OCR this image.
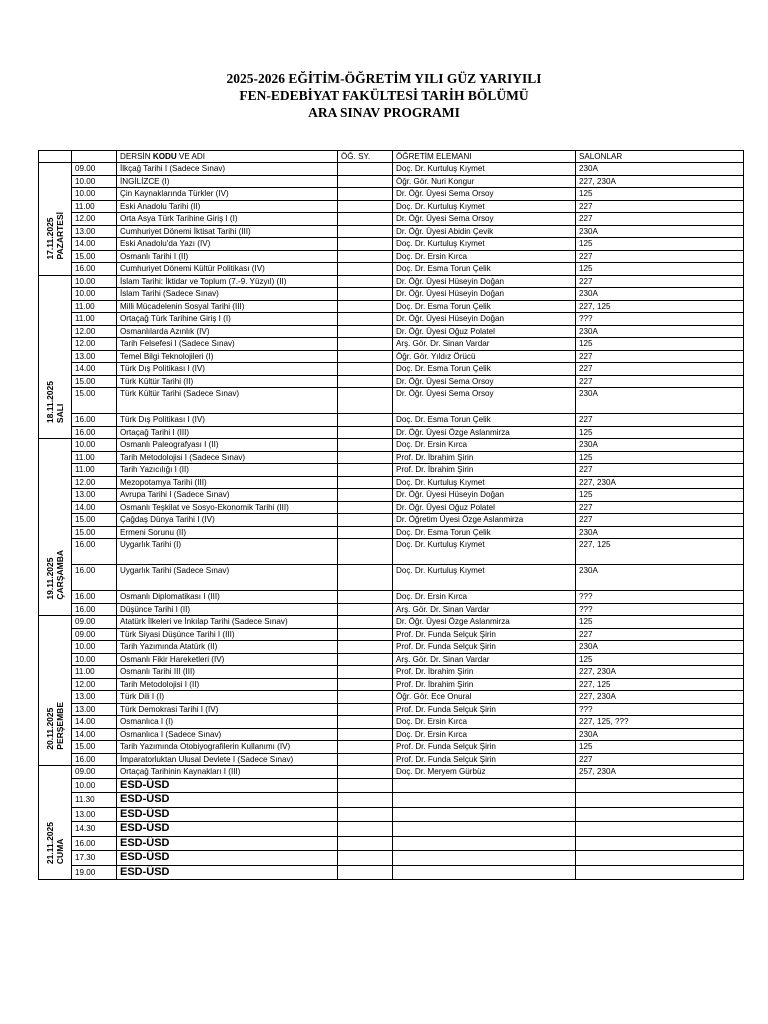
2025-2026 EĞİTİM-ÖĞRETİM YILI GÜZ YARIYILI
FEN-EDEBİYAT FAKÜLTESİ TARİH BÖLÜMÜ
ARA SINAV PROGRAMI
		DERSİN KODU VE ADI	ÖĞ. SY.	ÖĞRETİM ELEMANI	SALONLAR

17.11.2025 PAZARTESİ	09.00	İlkçağ Tarihi I (Sadece Sınav)		Doç. Dr. Kurtuluş Kıymet	230A
	10.00	İNGİLİZCE (I)		Öğr. Gör. Nuri Kongur	227, 230A
	10.00	Çin Kaynaklarında Türkler (IV)		Dr. Öğr. Üyesi Sema Orsoy	125
	11.00	Eski Anadolu Tarihi (II)		Doç. Dr. Kurtuluş Kıymet	227
	12.00	Orta Asya Türk Tarihine Giriş I (I)		Dr. Öğr. Üyesi Sema Orsoy	227
	13.00	Cumhuriyet Dönemi İktisat Tarihi (III)		Dr. Öğr. Üyesi Abidin Çevik	230A
	14.00	Eski Anadolu'da Yazı (IV)		Doç. Dr. Kurtuluş Kıymet	125
	15.00	Osmanlı Tarihi I (II)		Doç. Dr. Ersin Kırca	227
	16.00	Cumhuriyet Dönemi Kültür Politikası (IV)		Doç. Dr. Esma Torun Çelik	125

18.11.2025 SALI	10.00	İslam Tarihi: İktidar ve Toplum (7.-9. Yüzyıl) (II)		Dr. Öğr. Üyesi Hüseyin Doğan	227
	10.00	İslam Tarihi (Sadece Sınav)		Dr. Öğr. Üyesi Hüseyin Doğan	230A
	11.00	Milli Mücadelenin Sosyal Tarihi (III)		Doç. Dr. Esma Torun Çelik	227, 125
	11.00	Ortaçağ Türk Tarihine Giriş I (I)		Dr. Öğr. Üyesi Hüseyin Doğan	???
	12.00	Osmanlılarda Azınlık (IV)		Dr. Öğr. Üyesi Oğuz Polatel	230A
	12.00	Tarih Felsefesi I (Sadece Sınav)		Arş. Gör. Dr. Sinan Vardar	125
	13.00	Temel Bilgi Teknolojileri (I)		Öğr. Gör. Yıldız Örücü	227
	14.00	Türk Dış Politikası I (IV)		Doç. Dr. Esma Torun Çelik	227
	15.00	Türk Kültür Tarihi (II)		Dr. Öğr. Üyesi Sema Orsoy	227
	15.00	Türk Kültür Tarihi (Sadece Sınav)		Dr. Öğr. Üyesi Sema Orsoy	230A
	16.00	Türk Dış Politikası I (IV)		Doç. Dr. Esma Torun Çelik	227
	16.00	Ortaçağ Tarihi I (III)		Dr. Öğr. Üyesi Özge Aslanmirza	125

19.11.2025 ÇARŞAMBA	10.00	Osmanlı Paleografyası I (II)		Doç. Dr. Ersin Kırca	230A
	11.00	Tarih Metodolojisi I (Sadece Sınav)		Prof. Dr. İbrahim Şirin	125
	11.00	Tarih Yazıcılığı I (II)		Prof. Dr. İbrahim Şirin	227
	12.00	Mezopotamya Tarihi (III)		Doç. Dr. Kurtuluş Kıymet	227, 230A
	13.00	Avrupa Tarihi I (Sadece Sınav)		Dr. Öğr. Üyesi Hüseyin Doğan	125
	14.00	Osmanlı Teşkilat ve Sosyo-Ekonomik Tarihi (III)		Dr. Öğr. Üyesi Oğuz Polatel	227
	15.00	Çağdaş Dünya Tarihi I (IV)		Dr. Öğretim Üyesi Özge Aslanmirza	227
	15.00	Ermeni Sorunu (II)		Doç. Dr. Esma Torun Çelik	230A
	16.00	Uygarlık Tarihi (I)		Doç. Dr. Kurtuluş Kıymet	227, 125
	16.00	Uygarlık Tarihi (Sadece Sınav)		Doç. Dr. Kurtuluş Kıymet	230A
	16.00	Osmanlı Diplomatikası I (III)		Doç. Dr. Ersin Kırca	???
	16.00	Düşünce Tarihi I (II)		Arş. Gör. Dr. Sinan Vardar	???

20.11.2025 PERŞEMBE	09.00	Atatürk İlkeleri ve İnkılap Tarihi (Sadece Sınav)		Dr. Öğr. Üyesi Özge Aslanmirza	125
	09.00	Türk Siyasi Düşünce Tarihi I (III)		Prof. Dr. Funda Selçuk Şirin	227
	10.00	Tarih Yazımında Atatürk (II)		Prof. Dr. Funda Selçuk Şirin	230A
	10.00	Osmanlı Fikir Hareketleri (IV)		Arş. Gör. Dr. Sinan Vardar	125
	11.00	Osmanlı Tarihi III (III)		Prof. Dr. İbrahim Şirin	227, 230A
	12.00	Tarih Metodolojisi I (II)		Prof. Dr. İbrahim Şirin	227, 125
	13.00	Türk Dili I (I)		Öğr. Gör. Ece Onural	227, 230A
	13.00	Türk Demokrasi Tarihi I (IV)		Prof. Dr. Funda Selçuk Şirin	???
	14.00	Osmanlıca I (I)		Doç. Dr. Ersin Kırca	227, 125, ???
	14.00	Osmanlıca I (Sadece Sınav)		Doç. Dr. Ersin Kırca	230A
	15.00	Tarih Yazımında Otobiyografilerin Kullanımı (IV)		Prof. Dr. Funda Selçuk Şirin	125
	16.00	İmparatorluktan Ulusal Devlete I (Sadece Sınav)		Prof. Dr. Funda Selçuk Şirin	227

21.11.2025 CUMA	09.00	Ortaçağ Tarihinin Kaynakları I (III)		Doç. Dr. Meryem Gürbüz	257, 230A
	10.00	ESD-ÜSD			
	11.30	ESD-ÜSD			
	13.00	ESD-ÜSD			
	14.30	ESD-ÜSD			
	16.00	ESD-ÜSD			
	17.30	ESD-ÜSD			
	19.00	ESD-ÜSD			
